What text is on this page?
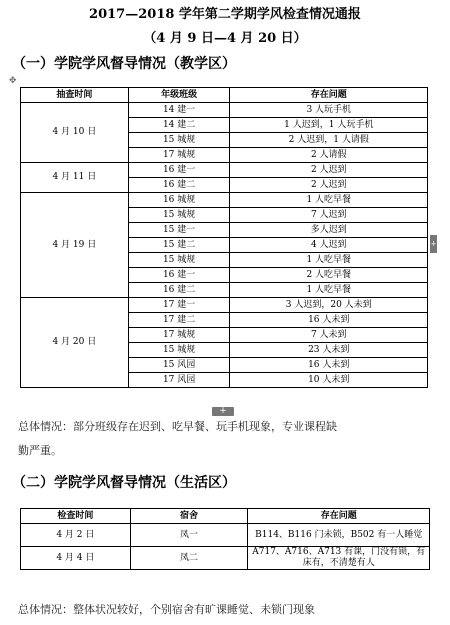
2017—2018 学年第二学期学风检查情况通报
（4 月 9 日—4 月 20 日）
（一）学院学风督导情况（教学区）
✥
抽查时间	年级班级	存在问题
4 月 10 日	14 建一	3 人玩手机
	14 建二	1 人迟到，1 人玩手机
	15 城规	2 人迟到，1 人请假
	17 城规	2 人请假
4 月 11 日	16 建一	2 人迟到
	16 建二	2 人迟到
4 月 19 日	16 城规	1 人吃早餐
	15 城规	7 人迟到
	15 建一	多人迟到
	15 建二	4 人迟到
	15 城规	1 人吃早餐
	16 建一	2 人吃早餐
	16 建二	1 人吃早餐
4 月 20 日	17 建一	3 人迟到，20 人未到
	17 建二	16 人未到
	17 城规	7 人未到
	15 城规	23 人未到
	15 风园	16 人未到
	17 风园	10 人未到
+
+
总体情况：部分班级存在迟到、吃早餐、玩手机现象，专业课程缺
勤严重。
（二）学院学风督导情况（生活区）
检查时间	宿舍	存在问题
4 月 2 日	凤一	B114、B116 门未锁，B502 有一人睡觉
4 月 4 日	凤二	A717、A716、A713 有课，门没有锁，有床有，不清楚有人
总体情况：整体状况较好，个别宿舍有旷课睡觉、未锁门现象
